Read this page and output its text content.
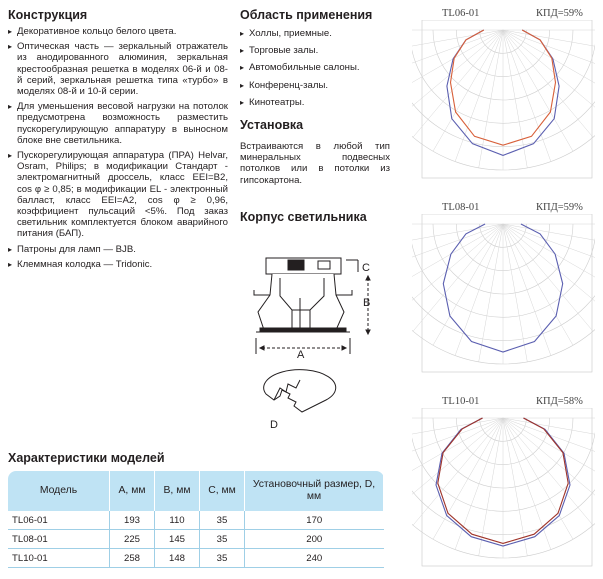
Конструкция
▸ Декоративное кольцо белого цвета.
▸ Оптическая часть — зеркальный отражатель из анодированного алюминия, зеркальная крестообразная решетка в моделях 06-й и 08-й серий, зеркальная решетка типа «турбо» в моделях 08-й и 10-й серии.
▸ Для уменьшения весовой нагрузки на потолок предусмотрена возможность разместить пускорегулирующую аппаратуру в выносном блоке вне светильника.
▸ Пускорегулирующая аппаратура (ПРА) Helvar, Osram, Philips; в модификации Стандарт - электромагнитный дроссель, класс EEI=B2, cos φ ≥ 0,85; в модификации EL - электронный балласт, класс EEI=A2, cos φ ≥ 0,96, коэффициент пульсаций <5%. Под заказ светильник комплектуется блоком аварийного питания (БАП).
▸ Патроны для ламп — BJB.
▸ Клеммная колодка — Tridonic.
Область применения
▸ Холлы, приемные.
▸ Торговые залы.
▸ Автомобильные салоны.
▸ Конференц-залы.
▸ Кинотеатры.
Установка
Встраиваются в любой тип минеральных подвесных потолков или в потолки из гипсокартона.
Корпус светильника
C
B
A
D
Характеристики моделей
Модель	A, мм	B, мм	C, мм	Установочный размер, D, мм
TL06-01	193	110	35	170
TL08-01	225	145	35	200
TL10-01	258	148	35	240
TL06-01	КПД=59%
TL08-01	КПД=59%
TL10-01	КПД=58%
